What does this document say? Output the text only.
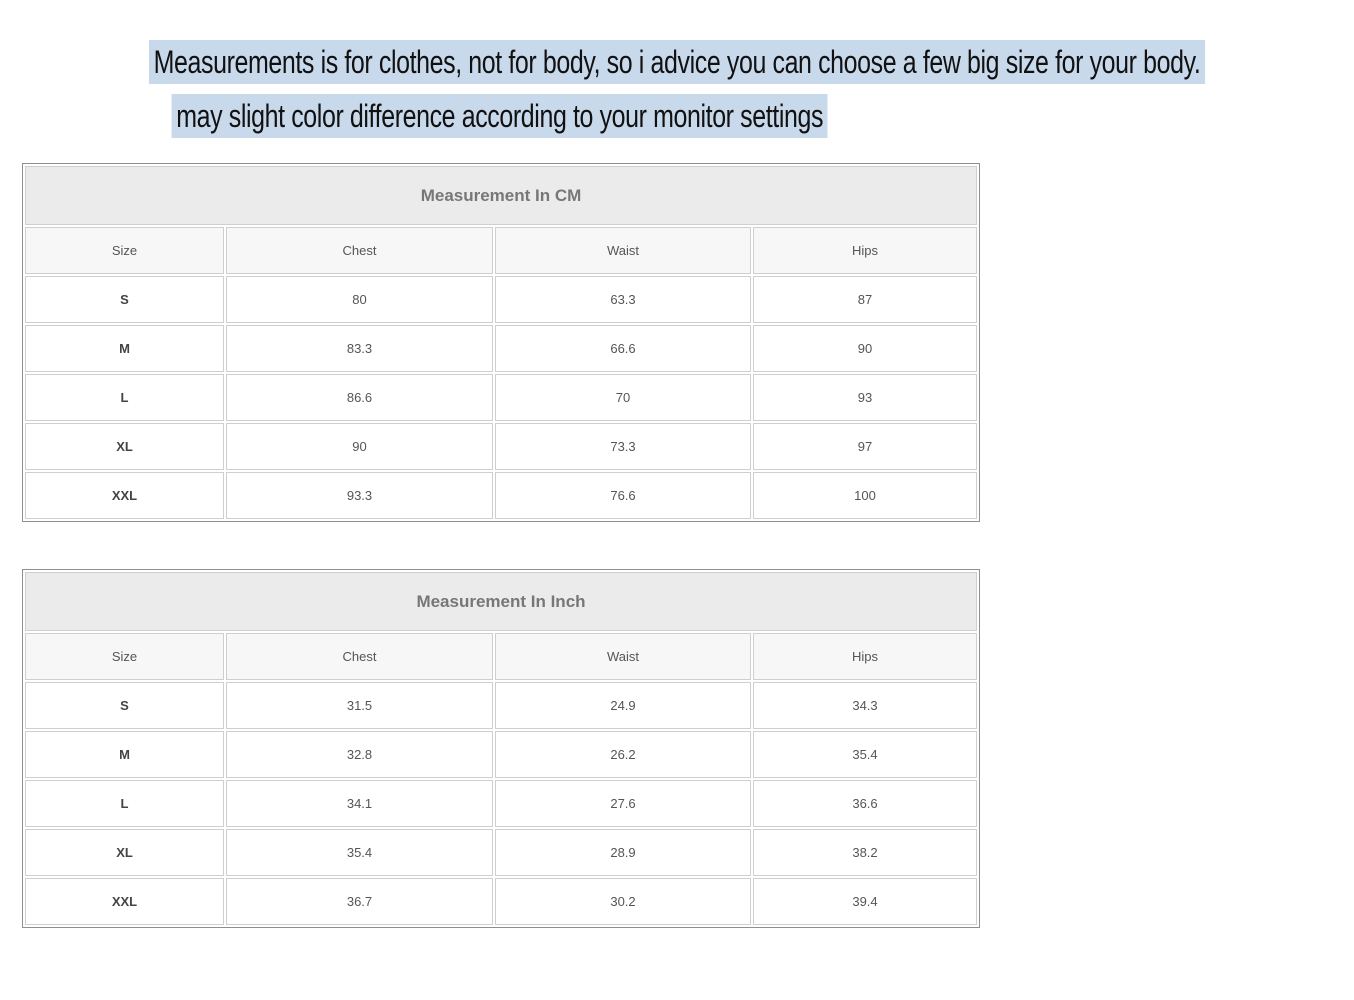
Measurements is for clothes, not for body, so i advice you can choose a few big size for your body.
may slight color difference according to your monitor settings
Measurement In CM			
Size	Chest	Waist	Hips
S	80	63.3	87
M	83.3	66.6	90
L	86.6	70	93
XL	90	73.3	97
XXL	93.3	76.6	100
Measurement In Inch			
Size	Chest	Waist	Hips
S	31.5	24.9	34.3
M	32.8	26.2	35.4
L	34.1	27.6	36.6
XL	35.4	28.9	38.2
XXL	36.7	30.2	39.4
